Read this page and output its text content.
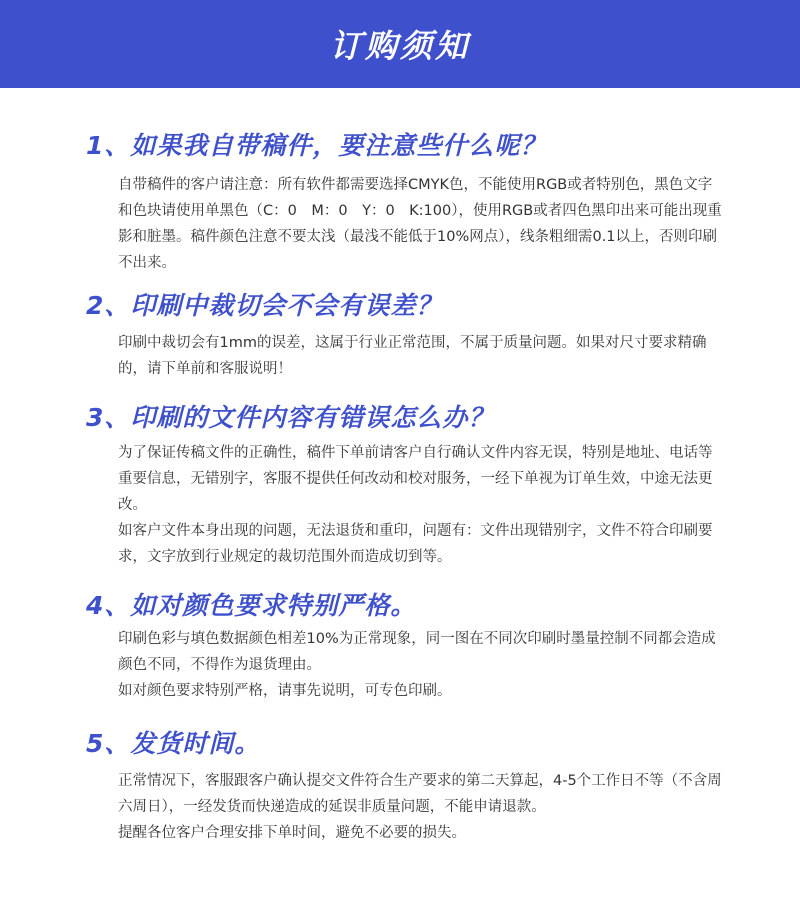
订购须知
1、如果我自带稿件，要注意些什么呢？

自带稿件的客户请注意：所有软件都需要选择CMYK色，不能使用RGB或者特别色，黑色文字和色块请使用单黑色（C：0　M：0　Y：0　K:100），使用RGB或者四色黑印出来可能出现重影和脏墨。稿件颜色注意不要太浅（最浅不能低于10%网点），线条粗细需0.1以上，否则印刷不出来。

2、印刷中裁切会不会有误差？

印刷中裁切会有1mm的误差，这属于行业正常范围，不属于质量问题。如果对尺寸要求精确的，请下单前和客服说明！

3、印刷的文件内容有错误怎么办？

为了保证传稿文件的正确性，稿件下单前请客户自行确认文件内容无误，特别是地址、电话等重要信息，无错别字，客服不提供任何改动和校对服务，一经下单视为订单生效，中途无法更改。

如客户文件本身出现的问题，无法退货和重印，问题有：文件出现错别字，文件不符合印刷要求，文字放到行业规定的裁切范围外而造成切到等。

4、如对颜色要求特别严格。

印刷色彩与填色数据颜色相差10%为正常现象，同一图在不同次印刷时墨量控制不同都会造成颜色不同，不得作为退货理由。

如对颜色要求特别严格，请事先说明，可专色印刷。

5、发货时间。

正常情况下，客服跟客户确认提交文件符合生产要求的第二天算起，4-5个工作日不等（不含周六周日），一经发货而快递造成的延误非质量问题，不能申请退款。

提醒各位客户合理安排下单时间，避免不必要的损失。
